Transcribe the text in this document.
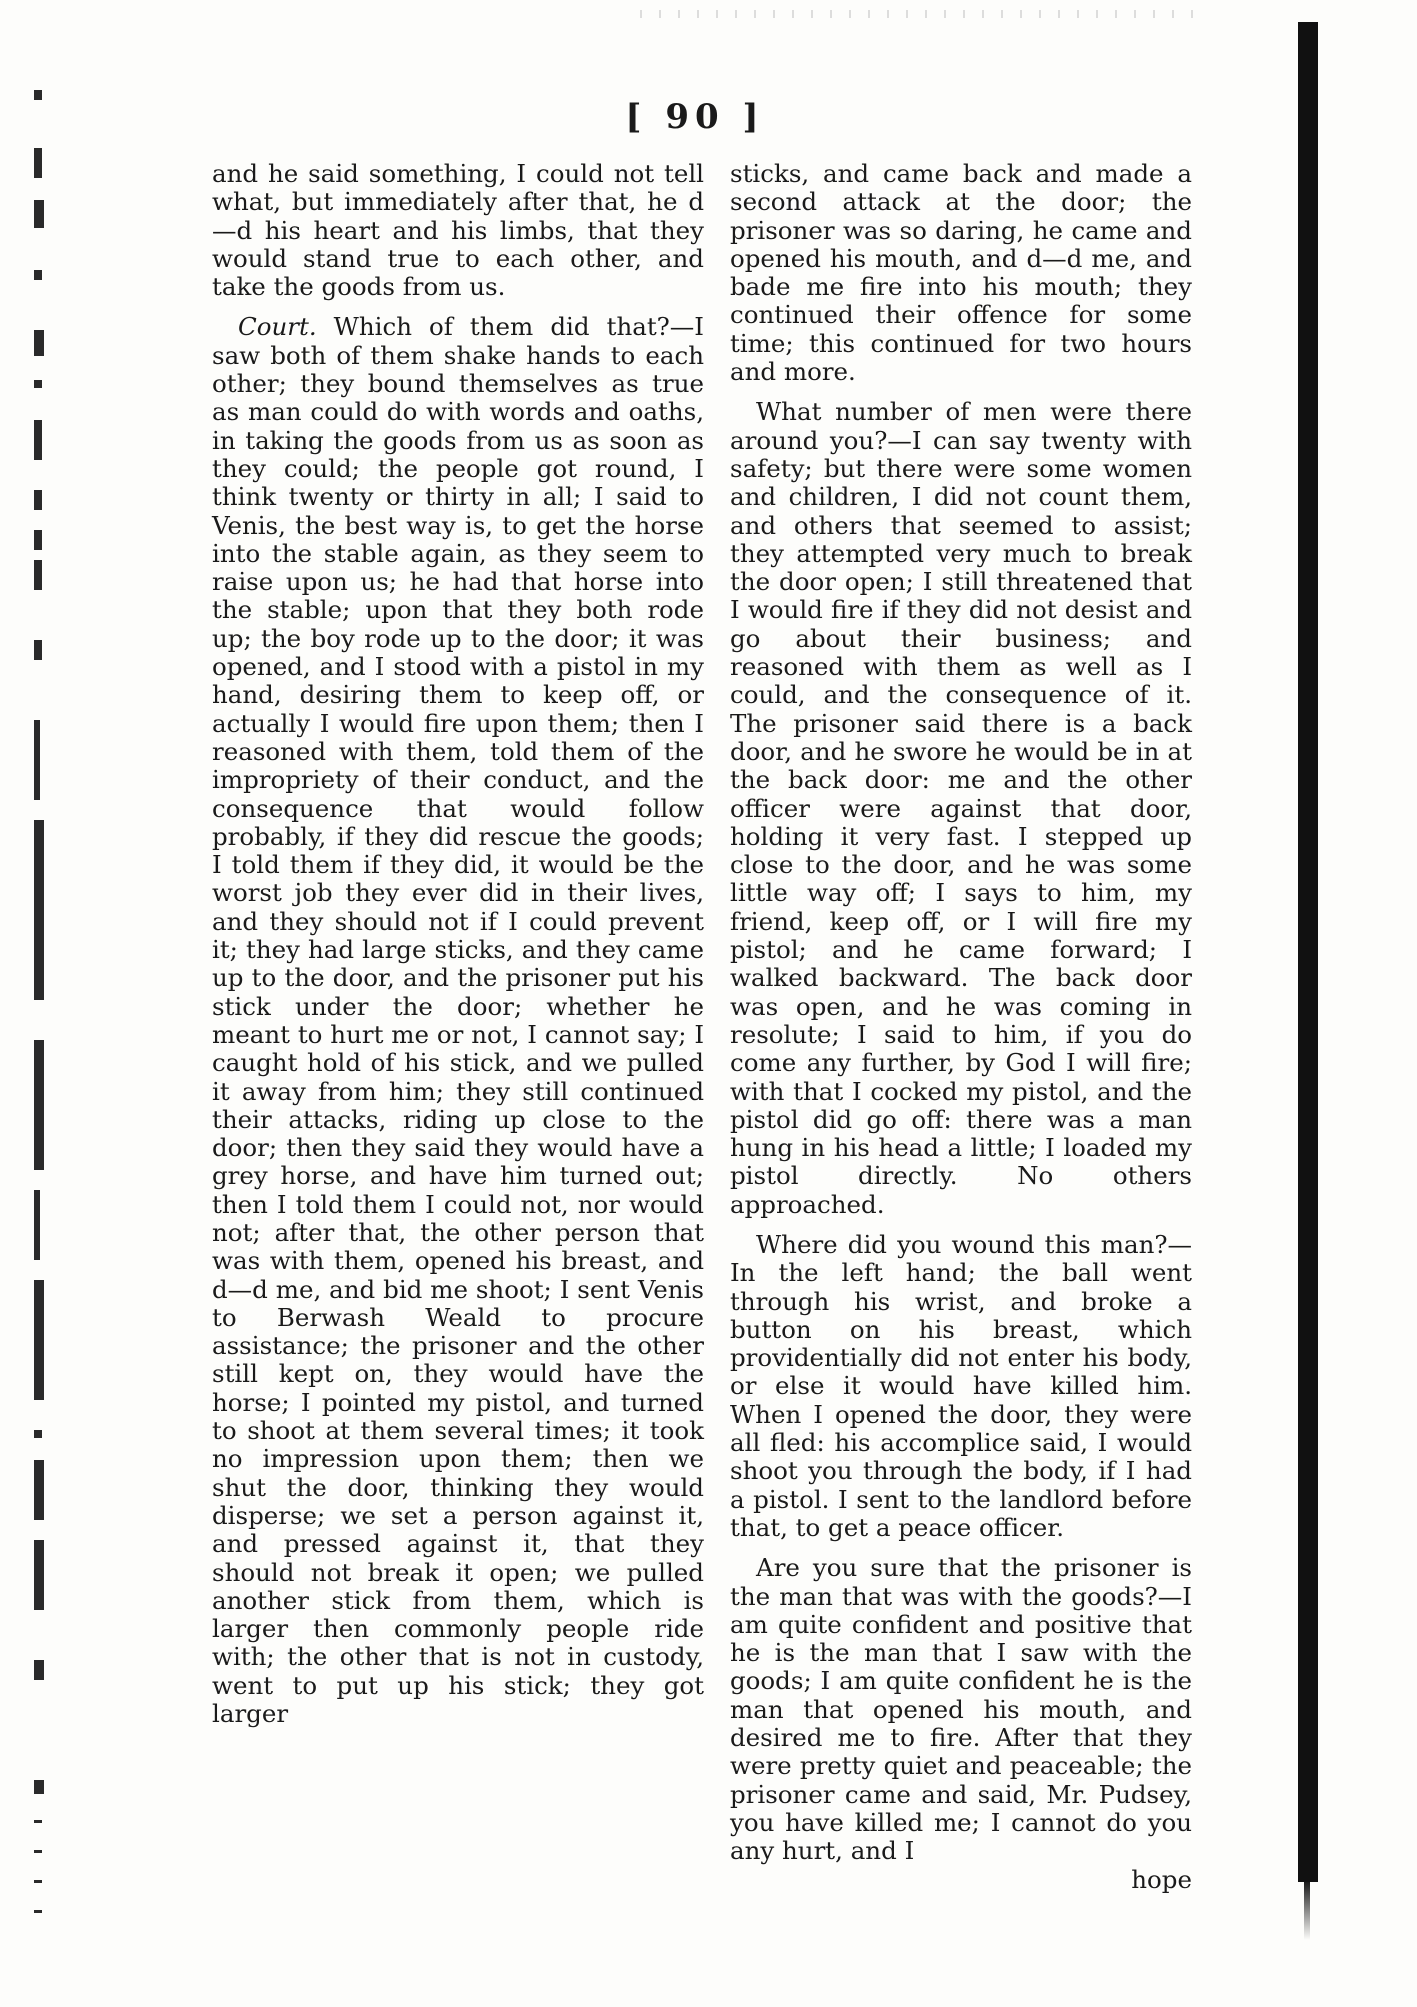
[ 90 ]

and he said something, I could not tell what, but immediately after that, he d—d his heart and his limbs, that they would stand true to each other, and take the goods from us.

Court. Which of them did that?—I saw both of them shake hands to each other; they bound themselves as true as man could do with words and oaths, in taking the goods from us as soon as they could; the people got round, I think twenty or thirty in all; I said to Venis, the best way is, to get the horse into the stable again, as they seem to raise upon us; he had that horse into the stable; upon that they both rode up; the boy rode up to the door; it was opened, and I stood with a pistol in my hand, desiring them to keep off, or actually I would fire upon them; then I reasoned with them, told them of the impropriety of their conduct, and the consequence that would follow probably, if they did rescue the goods; I told them if they did, it would be the worst job they ever did in their lives, and they should not if I could prevent it; they had large sticks, and they came up to the door, and the prisoner put his stick under the door; whether he meant to hurt me or not, I cannot say; I caught hold of his stick, and we pulled it away from him; they still continued their attacks, riding up close to the door; then they said they would have a grey horse, and have him turned out; then I told them I could not, nor would not; after that, the other person that was with them, opened his breast, and d—d me, and bid me shoot; I sent Venis to Berwash Weald to procure assistance; the prisoner and the other still kept on, they would have the horse; I pointed my pistol, and turned to shoot at them several times; it took no impression upon them; then we shut the door, thinking they would disperse; we set a person against it, and pressed against it, that they should not break it open; we pulled another stick from them, which is larger then commonly people ride with; the other that is not in custody, went to put up his stick; they got larger

sticks, and came back and made a second attack at the door; the prisoner was so daring, he came and opened his mouth, and d—d me, and bade me fire into his mouth; they continued their offence for some time; this continued for two hours and more.

What number of men were there around you?—I can say twenty with safety; but there were some women and children, I did not count them, and others that seemed to assist; they attempted very much to break the door open; I still threatened that I would fire if they did not desist and go about their business; and reasoned with them as well as I could, and the consequence of it. The prisoner said there is a back door, and he swore he would be in at the back door: me and the other officer were against that door, holding it very fast. I stepped up close to the door, and he was some little way off; I says to him, my friend, keep off, or I will fire my pistol; and he came forward; I walked backward. The back door was open, and he was coming in resolute; I said to him, if you do come any further, by God I will fire; with that I cocked my pistol, and the pistol did go off: there was a man hung in his head a little; I loaded my pistol directly. No others approached.

Where did you wound this man?—In the left hand; the ball went through his wrist, and broke a button on his breast, which providentially did not enter his body, or else it would have killed him. When I opened the door, they were all fled: his accomplice said, I would shoot you through the body, if I had a pistol. I sent to the landlord before that, to get a peace officer.

Are you sure that the prisoner is the man that was with the goods?—I am quite confident and positive that he is the man that I saw with the goods; I am quite confident he is the man that opened his mouth, and desired me to fire. After that they were pretty quiet and peaceable; the prisoner came and said, Mr. Pudsey, you have killed me; I cannot do you any hurt, and I

hope
